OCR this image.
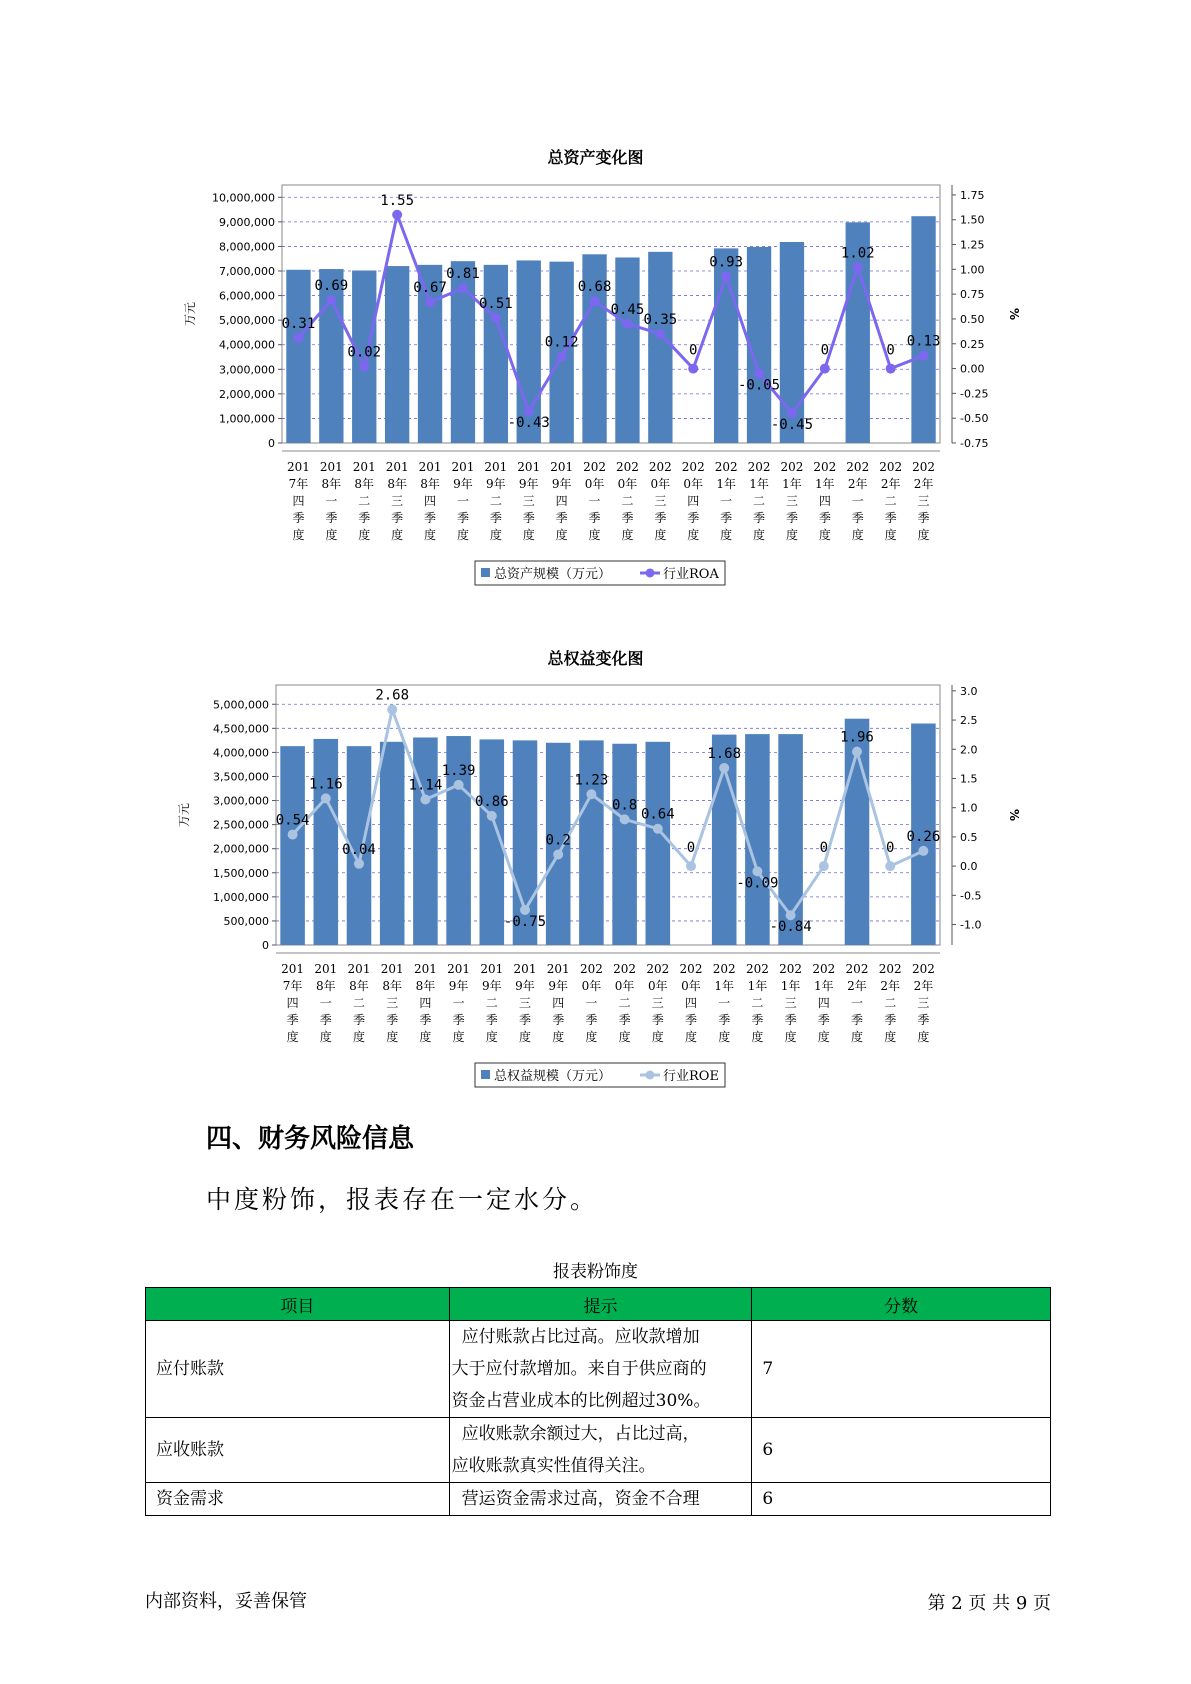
总资产变化图
10,000,000
9,000,000
8,000,000
7,000,000
6,000,000
5,000,000
4,000,000
3,000,000
2,000,000
1,000,000
0
万元
1.75
1.50
1.25
1.00
0.75
0.50
0.25
0.00
-0.25
-0.50
-0.75
%
201 7年四季度
201 8年一季度
201 8年二季度
201 8年三季度
201 8年四季度
201 9年一季度
201 9年二季度
201 9年三季度
201 9年四季度
202 0年一季度
202 0年二季度
202 0年三季度
202 0年四季度
202 1年一季度
202 1年二季度
202 1年三季度
202 1年四季度
202 2年一季度
202 2年二季度
202 2年三季度
0.31
0.69
0.02
1.55
0.67
0.81
0.51
-0.43
0.12
0.68
0.45
0.35
0
0.93
-0.05
-0.45
0
1.02
0
0.13
总资产规模（万元）	行业ROA
总权益变化图
5,000,000
4,500,000
4,000,000
3,500,000
3,000,000
2,500,000
2,000,000
1,500,000
1,000,000
500,000
0
万元
3.0
2.5
2.0
1.5
1.0
0.5
0.0
-0.5
-1.0
%
201 7年四季度
201 8年一季度
201 8年二季度
201 8年三季度
201 8年四季度
201 9年一季度
201 9年二季度
201 9年三季度
201 9年四季度
202 0年一季度
202 0年二季度
202 0年三季度
202 0年四季度
202 1年一季度
202 1年二季度
202 1年三季度
202 1年四季度
202 2年一季度
202 2年二季度
202 2年三季度
0.54
1.16
0.04
2.68
1.14
1.39
0.86
-0.75
0.2
1.23
0.8
0.64
0
1.68
-0.09
-0.84
0
1.96
0
0.26
总权益规模（万元）	行业ROE
四、财务风险信息
中度粉饰，报表存在一定水分。
报表粉饰度
项目	提示	分数
应付账款	应付账款占比过高。应收款增加
大于应付款增加。来自于供应商的
资金占营业成本的比例超过30%。	7
应收账款	应收账款余额过大，占比过高，
应收账款真实性值得关注。	6
资金需求	营运资金需求过高，资金不合理	6
内部资料，妥善保管	第 2 页 共 9 页
